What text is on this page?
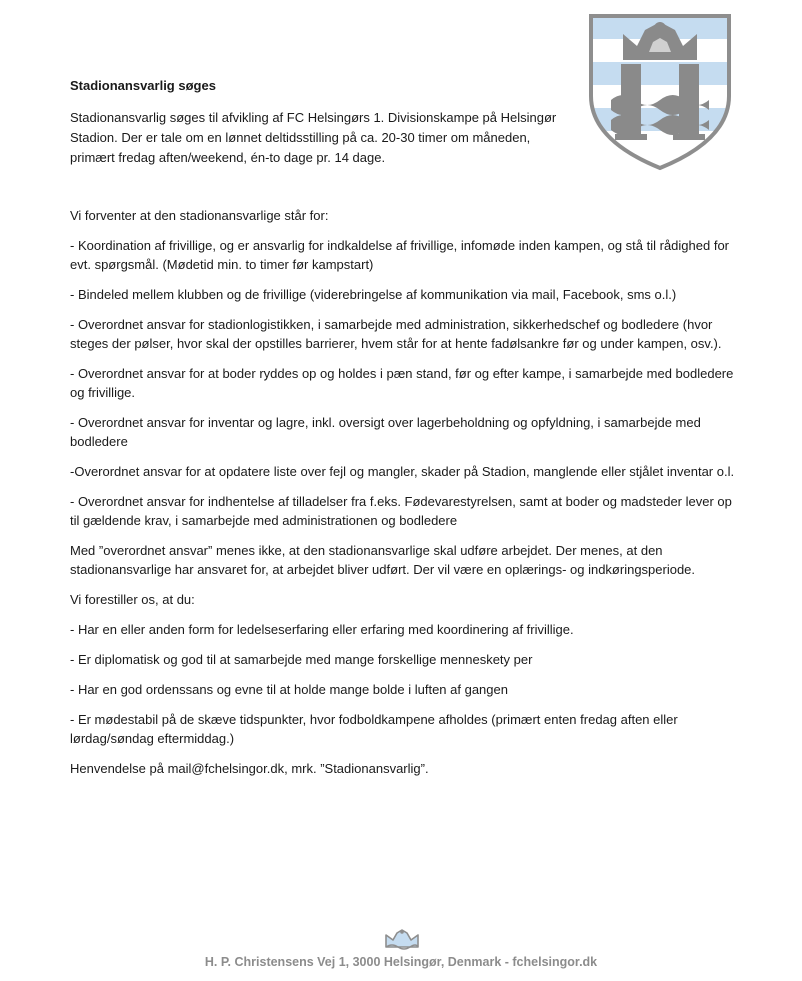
2005
Stadionansvarlig søges

Stadionansvarlig søges til afvikling af FC Helsingørs 1. Divisionskampe på Helsingør Stadion. Der er tale om en lønnet deltidsstilling på ca. 20-30 timer om måneden, primært fredag aften/weekend, én-to dage pr. 14 dage.

Vi forventer at den stadionansvarlige står for:

- Koordination af frivillige, og er ansvarlig for indkaldelse af frivillige, infomøde inden kampen, og stå til rådighed for evt. spørgsmål. (Mødetid min. to timer før kampstart)

- Bindeled mellem klubben og de frivillige (viderebringelse af kommunikation via mail, Facebook, sms o.l.)

- Overordnet ansvar for stadionlogistikken, i samarbejde med administration, sikkerhedschef og bodledere (hvor steges der pølser, hvor skal der opstilles barrierer, hvem står for at hente fadølsankre før og under kampen, osv.).

- Overordnet ansvar for at boder ryddes op og holdes i pæn stand, før og efter kampe, i samarbejde med bodledere og frivillige.

- Overordnet ansvar for inventar og lagre, inkl. oversigt over lagerbeholdning og opfyldning, i samarbejde med bodledere

-Overordnet ansvar for at opdatere liste over fejl og mangler, skader på Stadion, manglende eller stjålet inventar o.l.

- Overordnet ansvar for indhentelse af tilladelser fra f.eks. Fødevarestyrelsen, samt at boder og madsteder lever op til gældende krav, i samarbejde med administrationen og bodledere

Med ”overordnet ansvar” menes ikke, at den stadionansvarlige skal udføre arbejdet. Der menes, at den stadionansvarlige har ansvaret for, at arbejdet bliver udført. Der vil være en oplærings- og indkøringsperiode.

Vi forestiller os, at du:

- Har en eller anden form for ledelseserfaring eller erfaring med koordinering af frivillige.

- Er diplomatisk og god til at samarbejde med mange forskellige menneskety per

- Har en god ordenssans og evne til at holde mange bolde i luften af gangen

- Er mødestabil på de skæve tidspunkter, hvor fodboldkampene afholdes (primært enten fredag aften eller lørdag/søndag eftermiddag.)

Henvendelse på mail@fchelsingor.dk, mrk. ”Stadionansvarlig”.

H. P. Christensens Vej 1, 3000 Helsingør, Denmark - fchelsingor.dk
